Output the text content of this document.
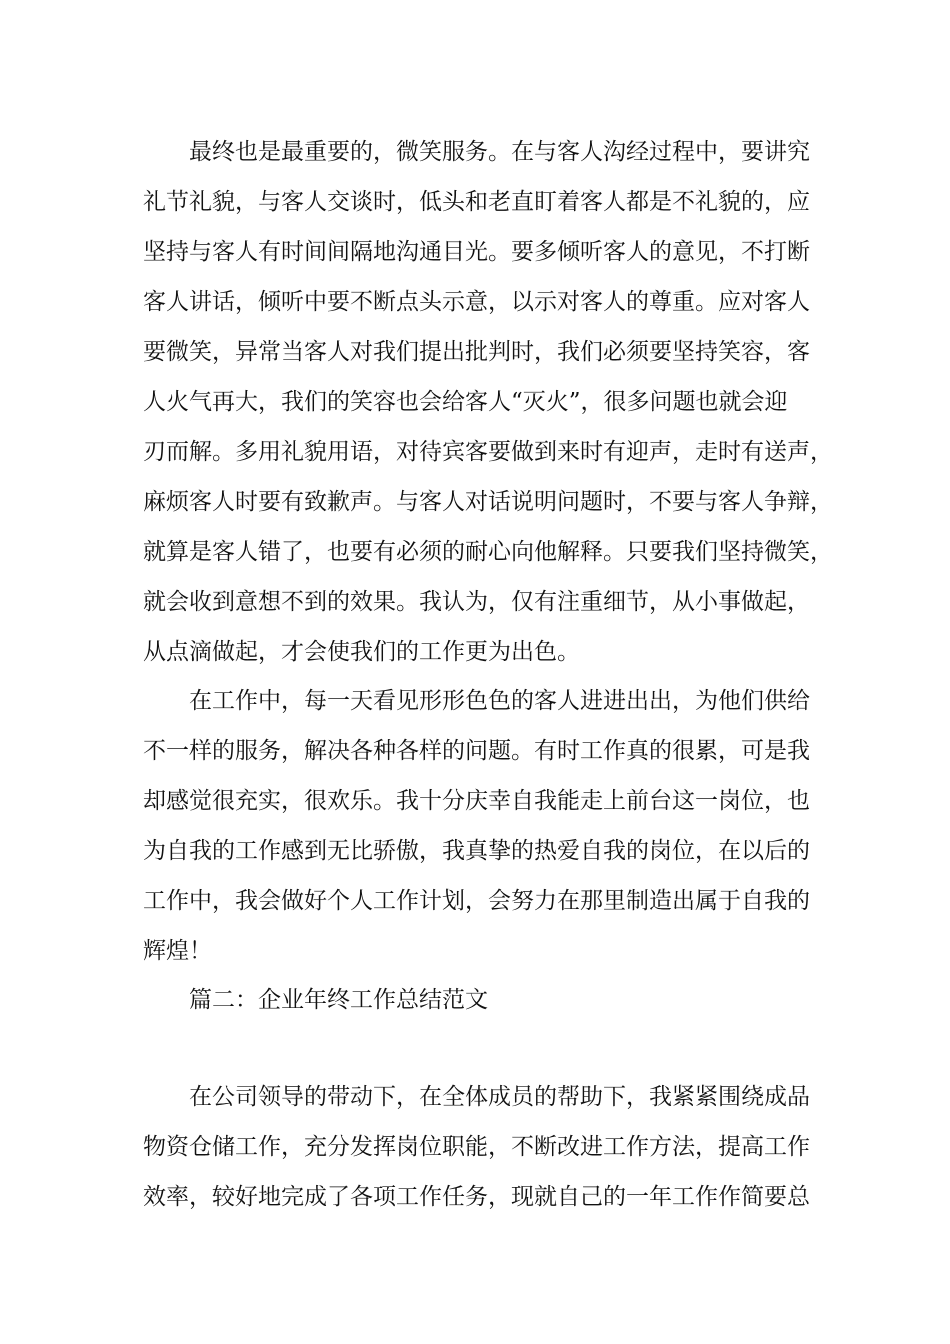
最终也是最重要的，微笑服务。在与客人沟经过程中，要讲究
礼节礼貌，与客人交谈时，低头和老直盯着客人都是不礼貌的，应
坚持与客人有时间间隔地沟通目光。要多倾听客人的意见，不打断
客人讲话，倾听中要不断点头示意，以示对客人的尊重。应对客人
要微笑，异常当客人对我们提出批判时，我们必须要坚持笑容，客
人火气再大，我们的笑容也会给客人“灭火”，很多问题也就会迎
刃而解。多用礼貌用语，对待宾客要做到来时有迎声，走时有送声，
麻烦客人时要有致歉声。与客人对话说明问题时，不要与客人争辩，
就算是客人错了，也要有必须的耐心向他解释。只要我们坚持微笑，
就会收到意想不到的效果。我认为，仅有注重细节，从小事做起，
从点滴做起，才会使我们的工作更为出色。
在工作中，每一天看见形形色色的客人进进出出，为他们供给
不一样的服务，解决各种各样的问题。有时工作真的很累，可是我
却感觉很充实，很欢乐。我十分庆幸自我能走上前台这一岗位，也
为自我的工作感到无比骄傲，我真挚的热爱自我的岗位，在以后的
工作中，我会做好个人工作计划，会努力在那里制造出属于自我的
辉煌！
篇二：企业年终工作总结范文
在公司领导的带动下，在全体成员的帮助下，我紧紧围绕成品
物资仓储工作，充分发挥岗位职能，不断改进工作方法，提高工作
效率，较好地完成了各项工作任务，现就自己的一年工作作简要总
